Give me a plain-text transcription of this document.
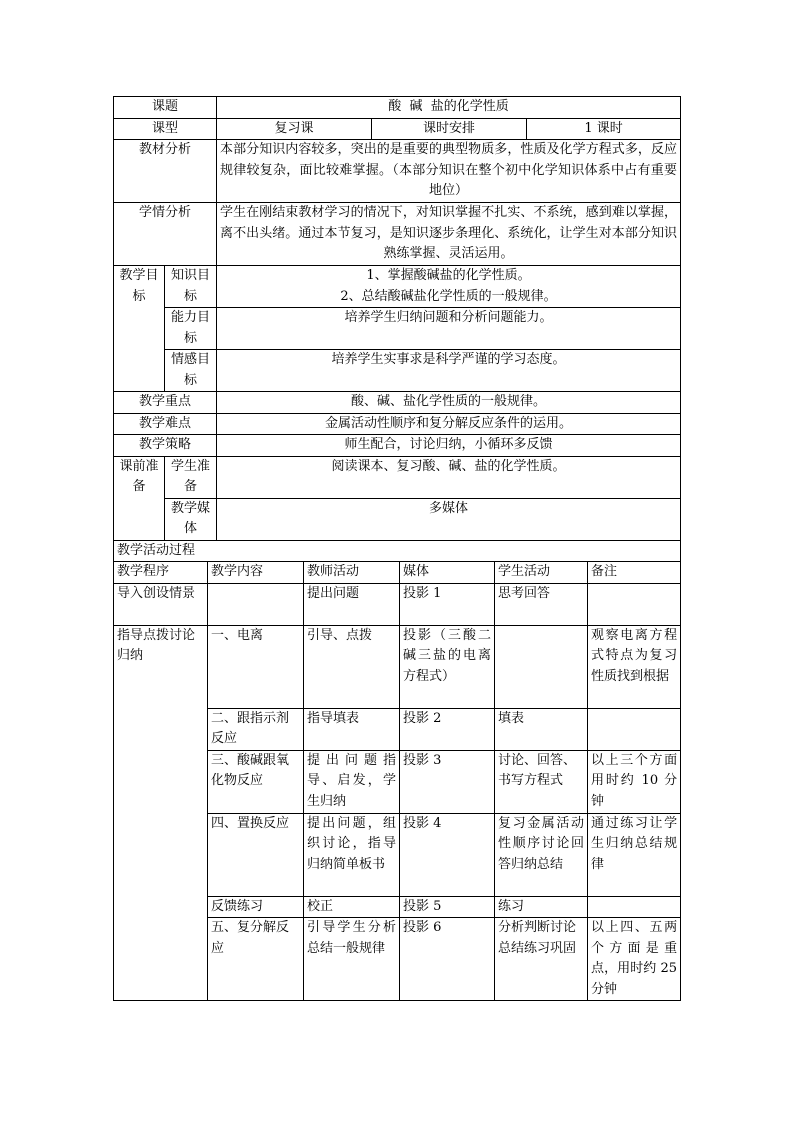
课题		酸  碱  盐的化学性质		
课型		复习课	课时安排	1 课时
教材分析		本部分知识内容较多，突出的是重要的典型物质多，性质及化学方程式多，反应规律较复杂，面比较难掌握。（本部分知识在整个初中化学知识体系中占有重要地位）		
学情分析		学生在刚结束教材学习的情况下，对知识掌握不扎实、不系统，感到难以掌握，离不出头绪。通过本节复习，是知识逐步条理化、系统化，让学生对本部分知识熟练掌握、灵活运用。		
教学目标	知识目标	1、掌握酸碱盐的化学性质。
2、总结酸碱盐化学性质的一般规律。		

	能力目标	培养学生归纳问题和分析问题能力。		
	情感目标	培养学生实事求是科学严谨的学习态度。		
教学重点		酸、碱、盐化学性质的一般规律。		
教学难点		金属活动性顺序和复分解反应条件的运用。		
教学策略		师生配合，讨论归纳，小循环多反馈		
课前准备	学生准备	阅读课本、复习酸、碱、盐的化学性质。		
	教学媒体	多媒体		
教学活动过程					
教学程序	教学内容	教师活动	媒体	学生活动	备注
导入创设情景		提出问题	投影 1	思考回答	
指导点拨讨论归纳	一、电离	引导、点拨	投影（三酸二碱三盐的电离方程式）		观察电离方程式特点为复习性质找到根据
	二、跟指示剂反应	指导填表	投影 2	填表	
	三、酸碱跟氧化物反应	提出问题指导、启发，学生归纳	投影 3	讨论、回答、书写方程式	以上三个方面用时约 10 分钟
	四、置换反应	提出问题，组织讨论，指导归纳简单板书	投影 4	复习金属活动性顺序讨论回答归纳总结	通过练习让学生归纳总结规律
	反馈练习	校正	投影 5	练习	
	五、复分解反应	引导学生分析总结一般规律	投影 6	分析判断讨论总结练习巩固	以上四、五两个方面是重点，用时约 25 分钟
